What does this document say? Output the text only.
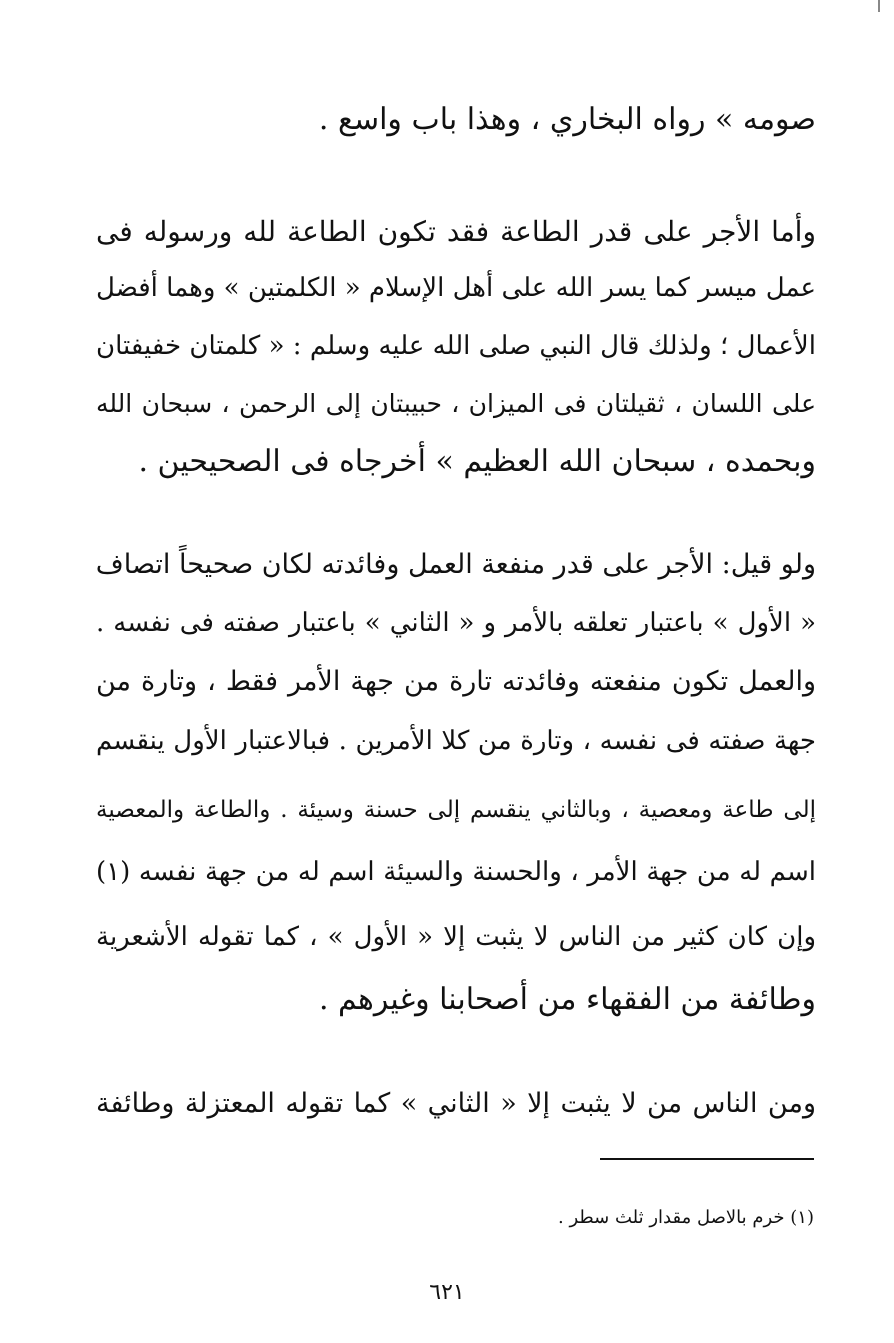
صومه » رواه البخاري ، وهذا باب واسع .
وأما الأجر على قدر الطاعة فقد تكون الطاعة لله ورسوله فى
عمل ميسر كما يسر الله على أهل الإسلام « الكلمتين » وهما أفضل
الأعمال ؛ ولذلك قال النبي صلى الله عليه وسلم : « كلمتان خفيفتان
على اللسان ، ثقيلتان فى الميزان ، حبيبتان إلى الرحمن ، سبحان الله
وبحمده ، سبحان الله العظيم » أخرجاه فى الصحيحين .
ولو قيل: الأجر على قدر منفعة العمل وفائدته لكان صحيحاً اتصاف
« الأول » باعتبار تعلقه بالأمر و « الثاني » باعتبار صفته فى نفسه .
والعمل تكون منفعته وفائدته تارة من جهة الأمر فقط ، وتارة من
جهة صفته فى نفسه ، وتارة من كلا الأمرين . فبالاعتبار الأول ينقسم
إلى طاعة ومعصية ، وبالثاني ينقسم إلى حسنة وسيئة . والطاعة والمعصية
اسم له من جهة الأمر ، والحسنة والسيئة اسم له من جهة نفسه (١)
وإن كان كثير من الناس لا يثبت إلا « الأول » ، كما تقوله الأشعرية
وطائفة من الفقهاء من أصحابنا وغيرهم .
ومن الناس من لا يثبت إلا « الثاني » كما تقوله المعتزلة وطائفة
(١) خرم بالاصل مقدار ثلث سطر .
٦٢١
